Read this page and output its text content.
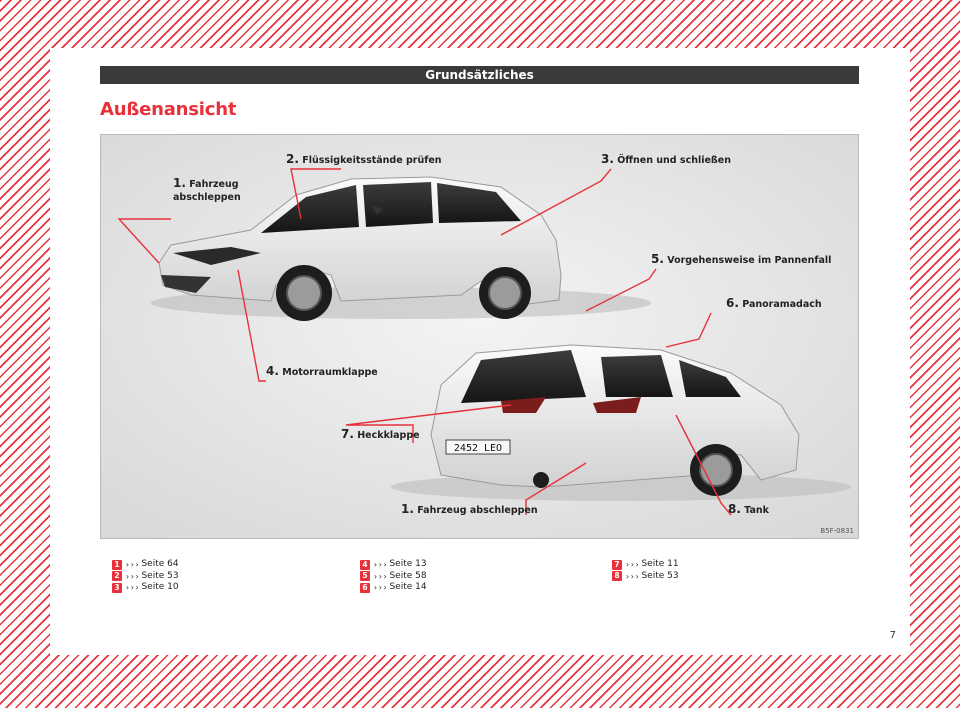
Grundsätzliches
Außenansicht
2452 LEO
1. Fahrzeug
abschleppen
2. Flüssigkeitsstände prüfen	3. Öffnen und schließen
5. Vorgehensweise im Pannenfall
6. Panoramadach
4. Motorraumklappe
7. Heckklappe
1. Fahrzeug abschleppen	8. Tank
B5F-0831
1 ››› Seite 64
2 ››› Seite 53
3 ››› Seite 10
4 ››› Seite 13
5 ››› Seite 58
6 ››› Seite 14
7 ››› Seite 11
8 ››› Seite 53
7
